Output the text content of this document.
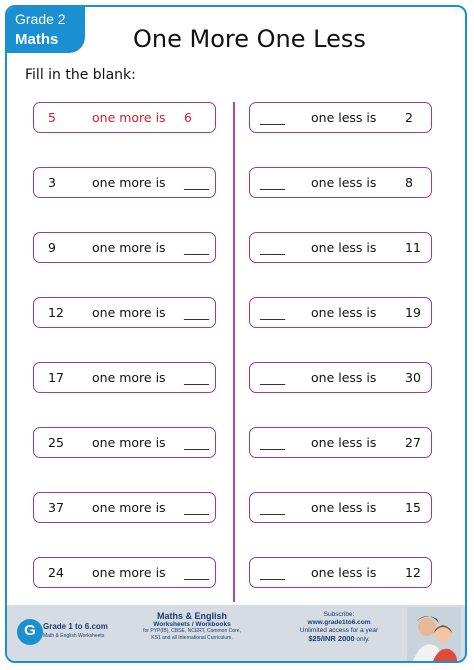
Grade 2
Maths	One More One Less
Fill in the blank:
5	one more is 6
3	one more is ____
9	one more is ____
12 one more is ____
17 one more is ____
25 one more is ____
37 one more is ____
24 one more is ____
____ one less is 2
____ one less is 8
____ one less is 11
____ one less is 19
____ one less is 30
____ one less is 27
____ one less is 15
____ one less is 12
G Grade 1 to 6.com
Math & English Worksheets
Maths & English
Worksheets / Workbooks
for PYP(IB), CBSE, NCERT, Common Core,
KS1 and all International Curriculum.
Subscribe:
www.grade1to6.com
Unlimited access for a year
$25/INR 2000 only.
